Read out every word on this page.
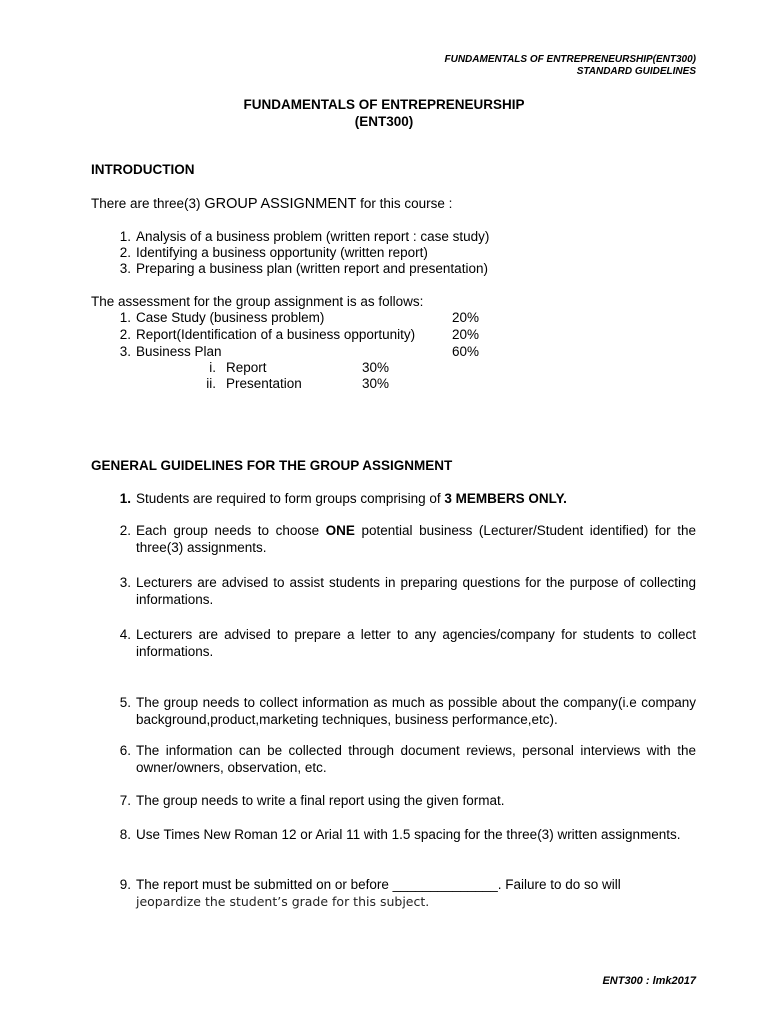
FUNDAMENTALS OF ENTREPRENEURSHIP(ENT300)
STANDARD GUIDELINES
FUNDAMENTALS OF ENTREPRENEURSHIP
(ENT300)
INTRODUCTION
There are three(3) GROUP ASSIGNMENT for this course :
1. Analysis of a business problem (written report : case study)
2. Identifying a business opportunity (written report)
3. Preparing a business plan (written report and presentation)
The assessment for the group assignment is as follows:
1. Case Study (business problem)	20%
2. Report(Identification of a business opportunity)	20%
3. Business Plan	60%
i. Report	30%
ii. Presentation	30%
GENERAL GUIDELINES FOR THE GROUP ASSIGNMENT
1. Students are required to form groups comprising of 3 MEMBERS ONLY.
2. Each group needs to choose ONE potential business (Lecturer/Student identified) for the three(3) assignments.
3. Lecturers are advised to assist students in preparing questions for the purpose of collecting informations.
4. Lecturers are advised to prepare a letter to any agencies/company for students to collect informations.
5. The group needs to collect information as much as possible about the company(i.e company background,product,marketing techniques, business performance,etc).
6. The information can be collected through document reviews, personal interviews with the owner/owners, observation, etc.
7. The group needs to write a final report using the given format.
8. Use Times New Roman 12 or Arial 11 with 1.5 spacing for the three(3) written assignments.
9. The report must be submitted on or before ______________. Failure to do so will
jeopardize the student’s grade for this subject.
ENT300 : lmk2017
